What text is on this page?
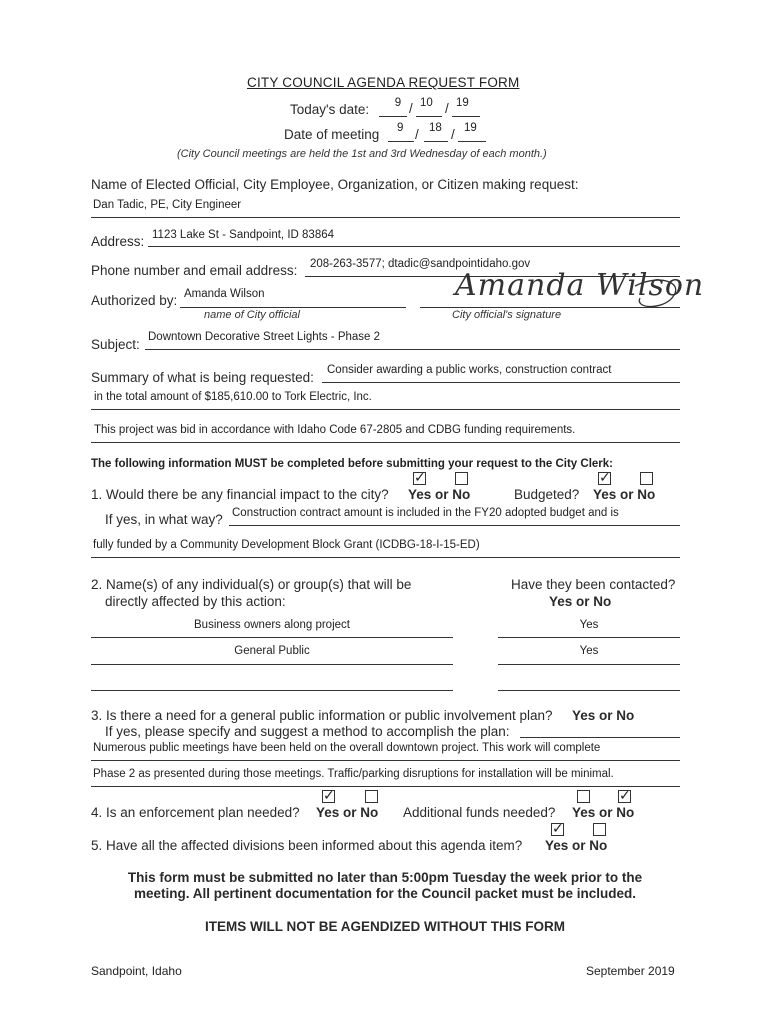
CITY COUNCIL AGENDA REQUEST FORM
Today's date:	9 / 10 / 19
Date of meeting 9 / 18 / 19
(City Council meetings are held the 1st and 3rd Wednesday of each month.)
Name of Elected Official, City Employee, Organization, or Citizen making request:
Dan Tadic, PE, City Engineer
Address: 1123 Lake St - Sandpoint, ID 83864
Phone number and email address: 208-263-3577; dtadic@sandpointidaho.gov
Authorized by: Amanda Wilson
name of City official
Amanda Wilson
City official's signature
Subject: Downtown Decorative Street Lights - Phase 2
Summary of what is being requested: Consider awarding a public works, construction contract
in the total amount of $185,610.00 to Tork Electric, Inc.
This project was bid in accordance with Idaho Code 67-2805 and CDBG funding requirements.
The following information MUST be completed before submitting your request to the City Clerk:
✓	✓
1. Would there be any financial impact to the city? Yes or No	Budgeted? Yes or No
If yes, in what way? Construction contract amount is included in the FY20 adopted budget and is
fully funded by a Community Development Block Grant (ICDBG-18-I-15-ED)
2. Name(s) of any individual(s) or group(s) that will be
directly affected by this action:
Have they been contacted?
Yes or No
Business owners along project	Yes
General Public	Yes
3. Is there a need for a general public information or public involvement plan? Yes or No
If yes, please specify and suggest a method to accomplish the plan:
Numerous public meetings have been held on the overall downtown project. This work will complete
Phase 2 as presented during those meetings. Traffic/parking disruptions for installation will be minimal.
✓	✓
4. Is an enforcement plan needed? Yes or No Additional funds needed? Yes or No
✓
5. Have all the affected divisions been informed about this agenda item? Yes or No
This form must be submitted no later than 5:00pm Tuesday the week prior to the
meeting. All pertinent documentation for the Council packet must be included.
ITEMS WILL NOT BE AGENDIZED WITHOUT THIS FORM
Sandpoint, Idaho	September 2019
